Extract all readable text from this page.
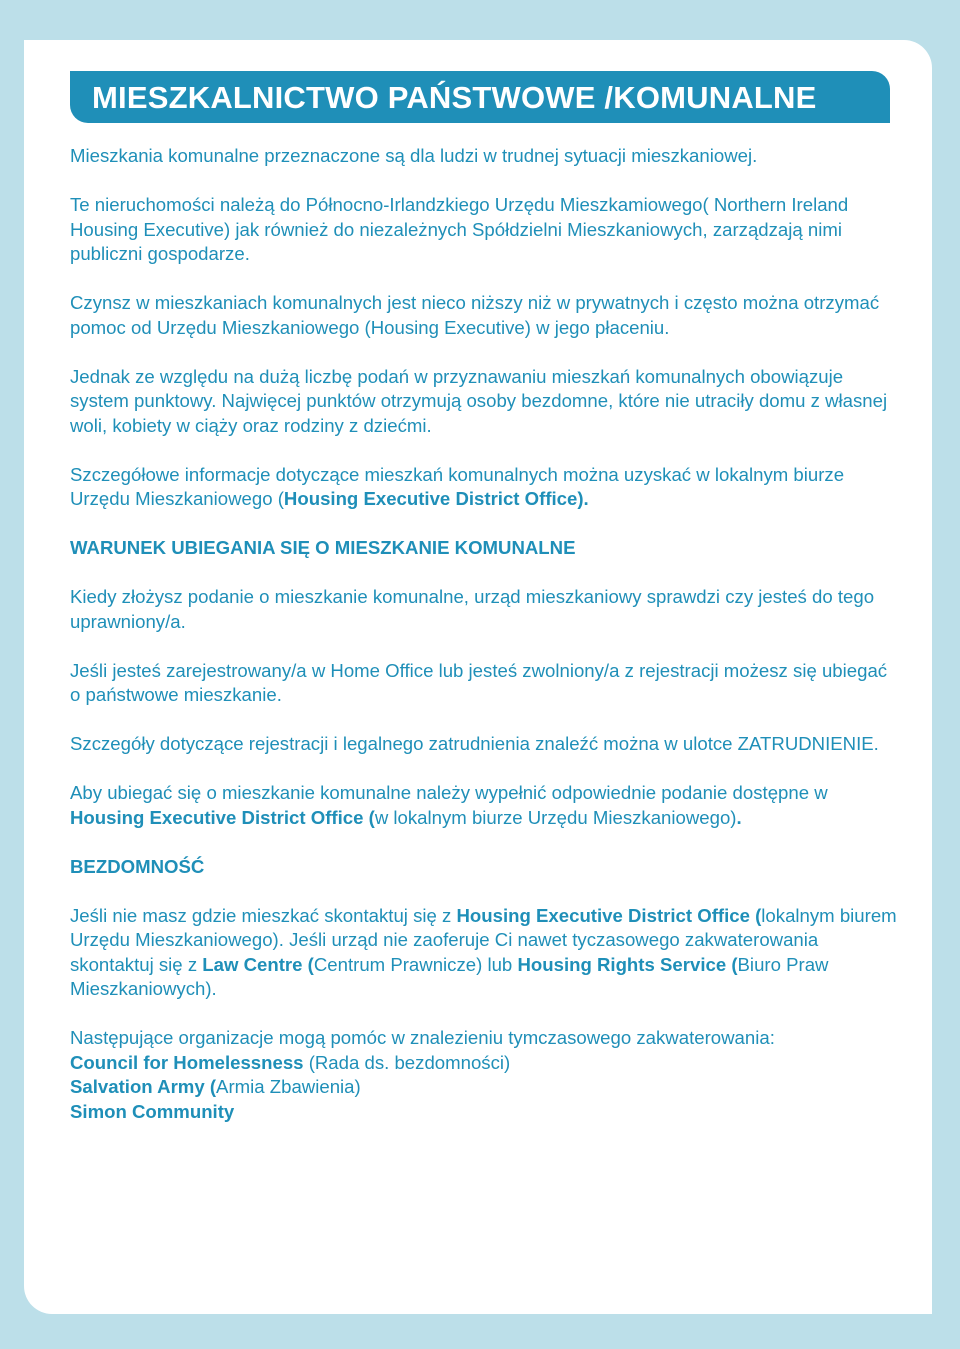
MIESZKALNICTWO PAŃSTWOWE /KOMUNALNE

Mieszkania komunalne przeznaczone są dla ludzi w trudnej sytuacji mieszkaniowej.

Te nieruchomości należą do Północno-Irlandzkiego Urzędu Mieszkamiowego( Northern Ireland Housing Executive) jak również do niezależnych Spółdzielni Mieszkaniowych, zarządzają nimi publiczni gospodarze.

Czynsz w mieszkaniach komunalnych jest nieco niższy niż w prywatnych i często można otrzymać pomoc od Urzędu Mieszkaniowego (Housing Executive) w jego płaceniu.

Jednak ze względu na dużą liczbę podań w przyznawaniu mieszkań komunalnych obowiązuje system punktowy. Najwięcej punktów otrzymują osoby bezdomne, które nie utraciły domu z własnej woli, kobiety w ciąży oraz rodziny z dziećmi.

Szczegółowe informacje dotyczące mieszkań komunalnych można uzyskać w lokalnym biurze Urzędu Mieszkaniowego (Housing Executive District Office).

WARUNEK UBIEGANIA SIĘ O MIESZKANIE KOMUNALNE

Kiedy złożysz podanie o mieszkanie komunalne, urząd mieszkaniowy sprawdzi czy jesteś do tego uprawniony/a.

Jeśli jesteś zarejestrowany/a w Home Office lub jesteś zwolniony/a z rejestracji możesz się ubiegać o państwowe mieszkanie.

Szczegóły dotyczące rejestracji i legalnego zatrudnienia znaleźć można w ulotce ZATRUDNIENIE.

Aby ubiegać się o mieszkanie komunalne należy wypełnić odpowiednie podanie dostępne w Housing Executive District Office (w lokalnym biurze Urzędu Mieszkaniowego).

BEZDOMNOŚĆ

Jeśli nie masz gdzie mieszkać skontaktuj się z Housing Executive District Office (lokalnym biurem Urzędu Mieszkaniowego). Jeśli urząd nie zaoferuje Ci nawet tyczasowego zakwaterowania skontaktuj się z Law Centre (Centrum Prawnicze) lub Housing Rights Service (Biuro Praw Mieszkaniowych).

Następujące organizacje mogą pomóc w znalezieniu tymczasowego zakwaterowania:
Council for Homelessness (Rada ds. bezdomności)
Salvation Army (Armia Zbawienia)
Simon Community
